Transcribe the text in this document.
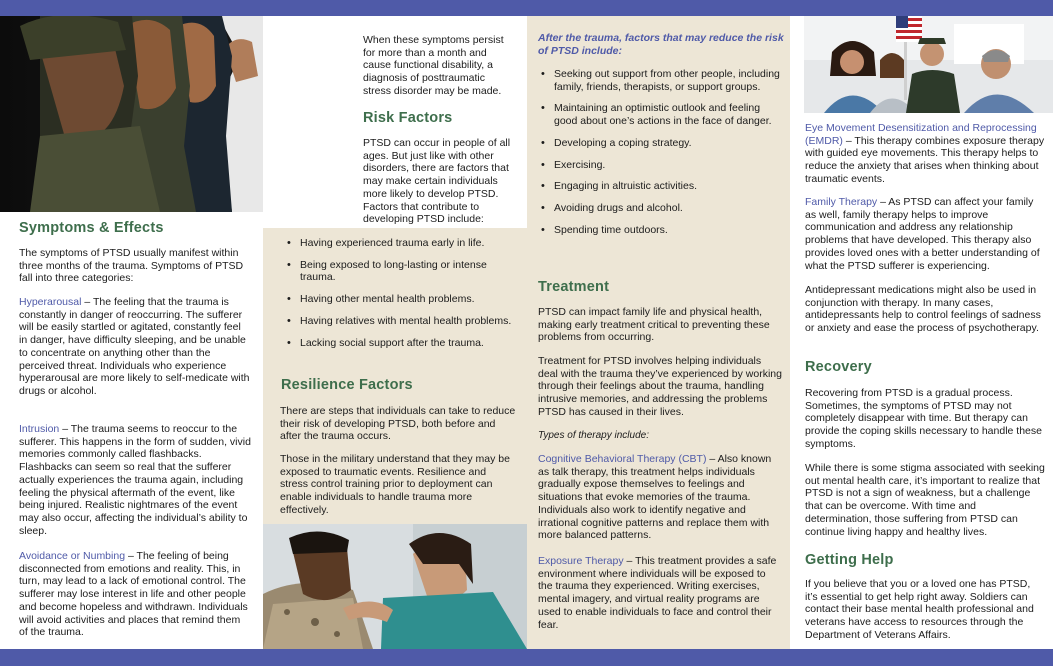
Symptoms & Effects
The symptoms of PTSD usually manifest within three months of the trauma. Symptoms of PTSD fall into three categories:
Hyperarousal – The feeling that the trauma is constantly in danger of reoccurring. The sufferer will be easily startled or agitated, constantly feel in danger, have difficulty sleeping, and be unable to concentrate on anything other than the perceived threat. Individuals who experience hyperarousal are more likely to self-medicate with drugs or alcohol.
Intrusion – The trauma seems to reoccur to the sufferer. This happens in the form of sudden, vivid memories commonly called flashbacks. Flashbacks can seem so real that the sufferer actually experiences the trauma again, including feeling the physical aftermath of the event, like being injured. Realistic nightmares of the event may also occur, affecting the individual’s ability to sleep.
Avoidance or Numbing – The feeling of being disconnected from emotions and reality. This, in turn, may lead to a lack of emotional control. The sufferer may lose interest in life and other people and become hopeless and withdrawn. Individuals will avoid activities and places that remind them of the trauma.
When these symptoms persist for more than a month and cause functional disability, a diagnosis of posttraumatic stress disorder may be made.
Risk Factors
PTSD can occur in people of all ages. But just like with other disorders, there are factors that may make certain individuals more likely to develop PTSD. Factors that contribute to developing PTSD include:
• Having experienced trauma early in life.
• Being exposed to long-lasting or intense trauma.
• Having other mental health problems.
• Having relatives with mental health problems.
• Lacking social support after the trauma.
Resilience Factors
There are steps that individuals can take to reduce their risk of developing PTSD, both before and after the trauma occurs.
Those in the military understand that they may be exposed to traumatic events. Resilience and stress control training prior to deployment can enable individuals to handle trauma more effectively.
After the trauma, factors that may reduce the risk of PTSD include:
• Seeking out support from other people, including family, friends, therapists, or support groups.
• Maintaining an optimistic outlook and feeling good about one’s actions in the face of danger.
• Developing a coping strategy.
• Exercising.
• Engaging in altruistic activities.
• Avoiding drugs and alcohol.
• Spending time outdoors.
Treatment
PTSD can impact family life and physical health, making early treatment critical to preventing these problems from occurring.
Treatment for PTSD involves helping individuals deal with the trauma they’ve experienced by working through their feelings about the trauma, handling intrusive memories, and addressing the problems PTSD has caused in their lives.
Types of therapy include:
Cognitive Behavioral Therapy (CBT) – Also known as talk therapy, this treatment helps individuals gradually expose themselves to feelings and situations that evoke memories of the trauma. Individuals also work to identify negative and irrational cognitive patterns and replace them with more balanced patterns.
Exposure Therapy – This treatment provides a safe environment where individuals will be exposed to the trauma they experienced. Writing exercises, mental imagery, and virtual reality programs are used to enable individuals to face and control their fear.
Eye Movement Desensitization and Reprocessing (EMDR) – This therapy combines exposure therapy with guided eye movements. This therapy helps to reduce the anxiety that arises when thinking about traumatic events.
Family Therapy – As PTSD can affect your family as well, family therapy helps to improve communication and address any relationship problems that have developed. This therapy also provides loved ones with a better understanding of what the PTSD sufferer is experiencing.
Antidepressant medications might also be used in conjunction with therapy. In many cases, antidepressants help to control feelings of sadness or anxiety and ease the process of psychotherapy.
Recovery
Recovering from PTSD is a gradual process. Sometimes, the symptoms of PTSD may not completely disappear with time. But therapy can provide the coping skills necessary to handle these symptoms.
While there is some stigma associated with seeking out mental health care, it’s important to realize that PTSD is not a sign of weakness, but a challenge that can be overcome. With time and determination, those suffering from PTSD can continue living happy and healthy lives.
Getting Help
If you believe that you or a loved one has PTSD, it’s essential to get help right away. Soldiers can contact their base mental health professional and veterans have access to resources through the Department of Veterans Affairs.
